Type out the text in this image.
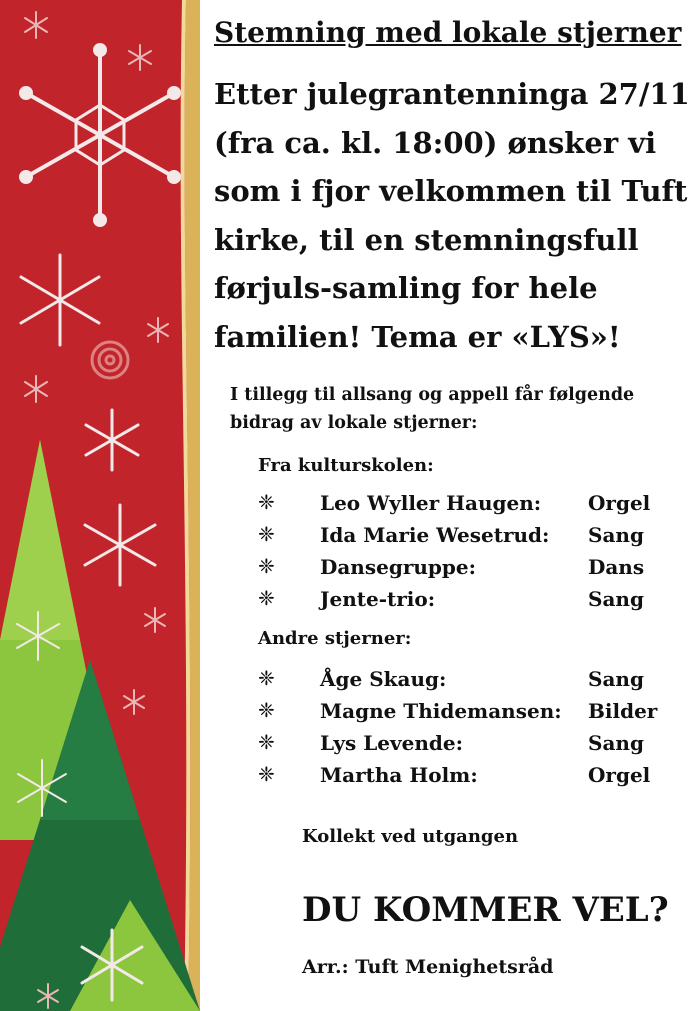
Stemning med lokale stjerner
Etter julegrantenninga 27/11 (fra ca. kl. 18:00) ønsker vi som i fjor velkommen til Tuft kirke, til en stemningsfull førjuls-samling for hele familien! Tema er «LYS»!
I tillegg til allsang og appell får følgende bidrag av lokale stjerner:
Fra kulturskolen:
❈ Leo Wyller Haugen: Orgel
❈ Ida Marie Wesetrud: Sang
❈ Dansegruppe:	Dans
❈ Jente-trio:	Sang
Andre stjerner:
❈ Åge Skaug:	Sang
❈ Magne Thidemansen: Bilder
❈ Lys Levende:	Sang
❈ Martha Holm:	Orgel
Kollekt ved utgangen
DU KOMMER VEL?
Arr.: Tuft Menighetsråd
